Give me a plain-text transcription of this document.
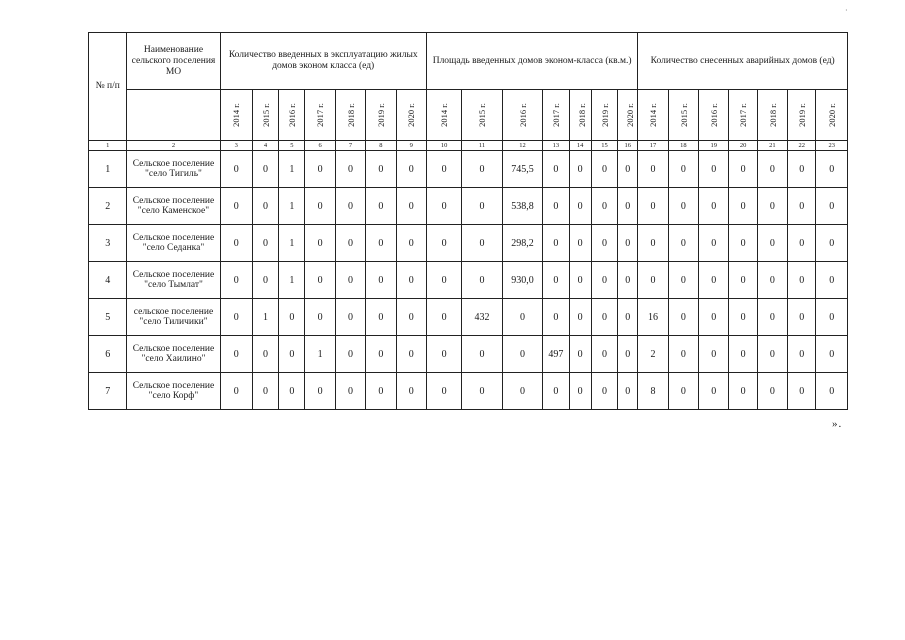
·
№ п/п	Наименование сельского поселения МО	Количество введенных в эксплуатацию жилых домов эконом класса (ед)							Площадь введенных домов эконом-класса (кв.м.)							Количество снесенных аварийных домов (ед)						
		2014 г.	2015 г.	2016 г.	2017 г.	2018 г.	2019 г.	2020 г.	2014 г.	2015 г.	2016 г.	2017 г.	2018 г.	2019 г.	2020 г.	2014 г.	2015 г.	2016 г.	2017 г.	2018 г.	2019 г.	2020 г.
1	2	3	4	5	6	7	8	9	10	11	12	13	14	15	16	17	18	19	20	21	22	23
1	Сельское поселение "село Тигиль"	0	0	1	0	0	0	0	0	0	745,5	0	0	0	0	0	0	0	0	0	0	0
2	Сельское поселение "село Каменское"	0	0	1	0	0	0	0	0	0	538,8	0	0	0	0	0	0	0	0	0	0	0
3	Сельское поселение "село Седанка"	0	0	1	0	0	0	0	0	0	298,2	0	0	0	0	0	0	0	0	0	0	0
4	Сельское поселение "село Тымлат"	0	0	1	0	0	0	0	0	0	930,0	0	0	0	0	0	0	0	0	0	0	0
5	сельское поселение "село Тиличики"	0	1	0	0	0	0	0	0	432	0	0	0	0	0	16	0	0	0	0	0	0
6	Сельское поселение "село Хаилино"	0	0	0	1	0	0	0	0	0	0	497	0	0	0	2	0	0	0	0	0	0
7	Сельское поселение "село Корф"	0	0	0	0	0	0	0	0	0	0	0	0	0	0	8	0	0	0	0	0	0
».
